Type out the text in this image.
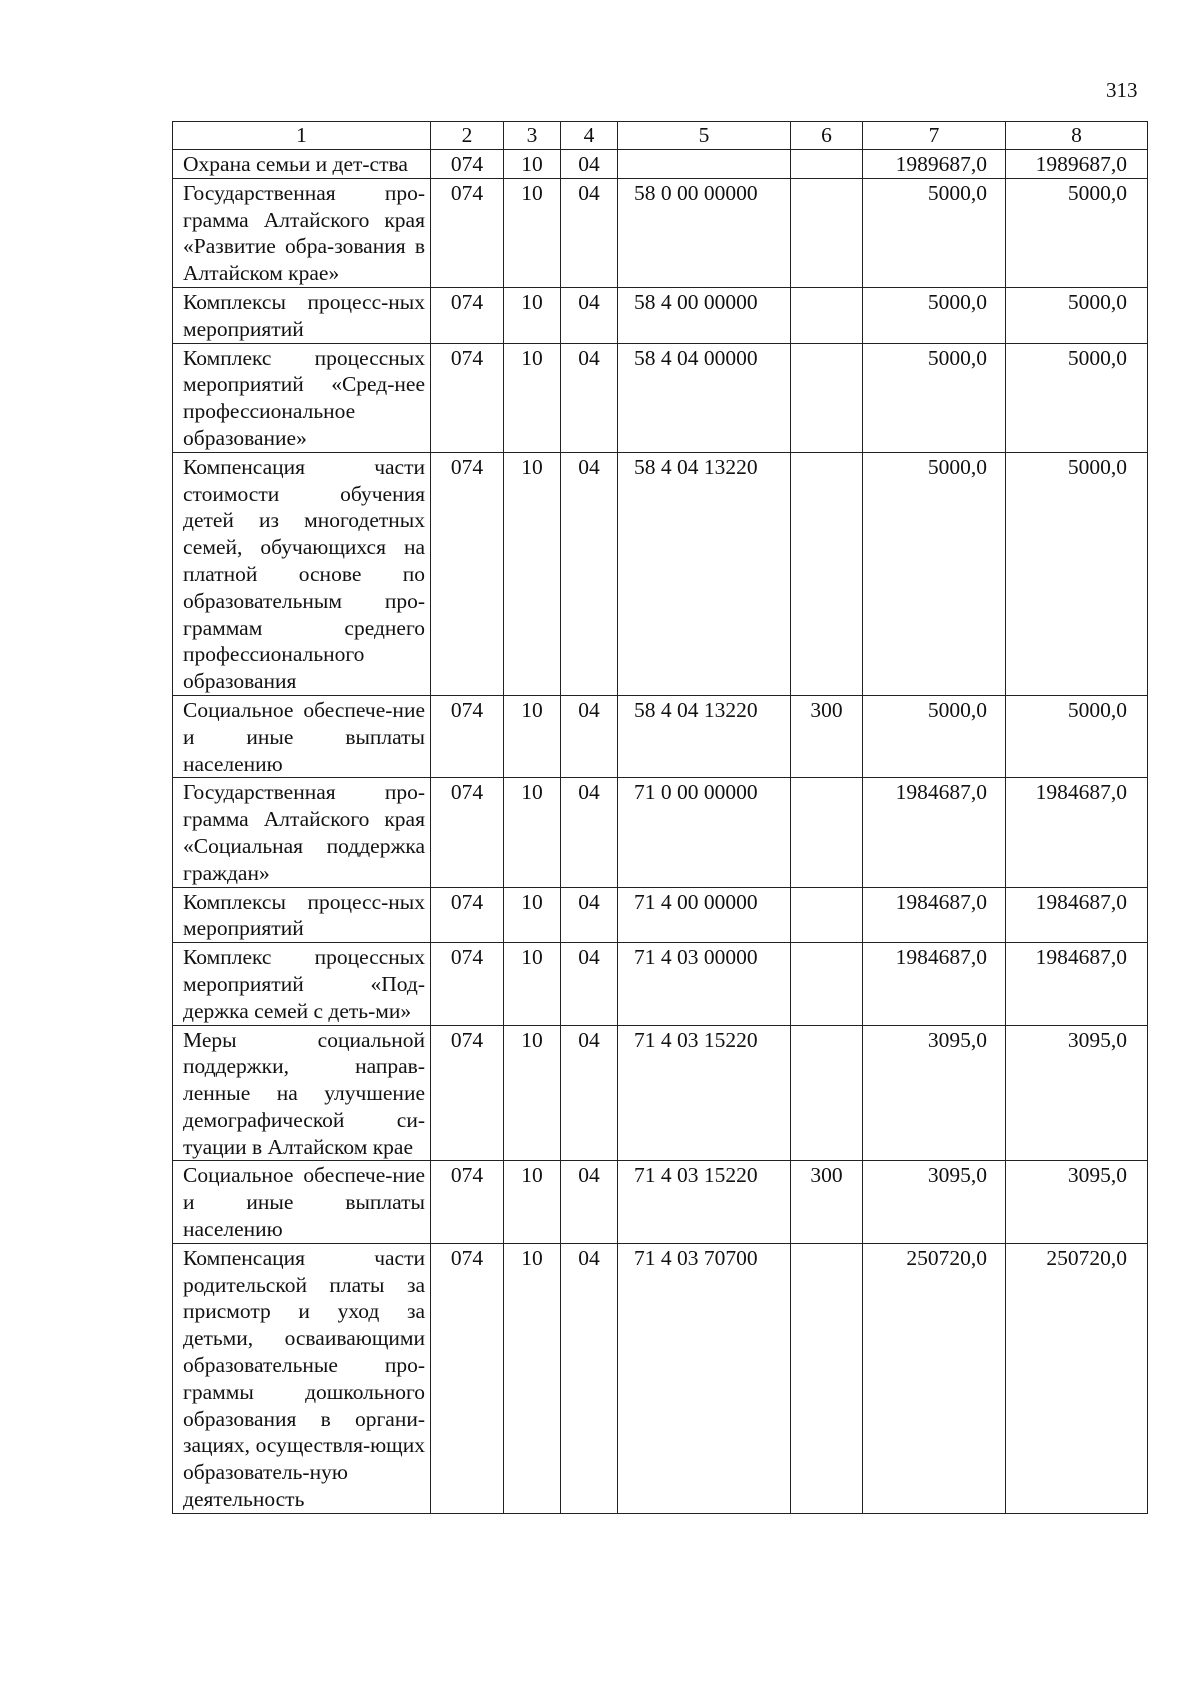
313
1	2	3	4	5	6	7	8
Охрана семьи и дет-ства	074	10	04			1989687,0	1989687,0
Государственная про-грамма Алтайского края «Развитие обра-зования в Алтайском крае»	074	10	04	58 0 00 00000		5000,0	5000,0
Комплексы процесс-ных мероприятий	074	10	04	58 4 00 00000		5000,0	5000,0
Комплекс процессных мероприятий «Сред-нее профессиональное образование»	074	10	04	58 4 04 00000		5000,0	5000,0
Компенсация части стоимости обучения детей из многодетных семей, обучающихся на платной основе по образовательным про-граммам среднего профессионального образования	074	10	04	58 4 04 13220		5000,0	5000,0
Социальное обеспече-ние и иные выплаты населению	074	10	04	58 4 04 13220	300	5000,0	5000,0
Государственная про-грамма Алтайского края «Социальная поддержка граждан»	074	10	04	71 0 00 00000		1984687,0	1984687,0
Комплексы процесс-ных мероприятий	074	10	04	71 4 00 00000		1984687,0	1984687,0
Комплекс процессных мероприятий «Под-держка семей с деть-ми»	074	10	04	71 4 03 00000		1984687,0	1984687,0
Меры социальной поддержки, направ-ленные на улучшение демографической си-туации в Алтайском крае	074	10	04	71 4 03 15220		3095,0	3095,0
Социальное обеспече-ние и иные выплаты населению	074	10	04	71 4 03 15220	300	3095,0	3095,0
Компенсация части родительской платы за присмотр и уход за детьми, осваивающими образовательные про-граммы дошкольного образования в органи-зациях, осуществля-ющих образователь-ную деятельность	074	10	04	71 4 03 70700		250720,0	250720,0
